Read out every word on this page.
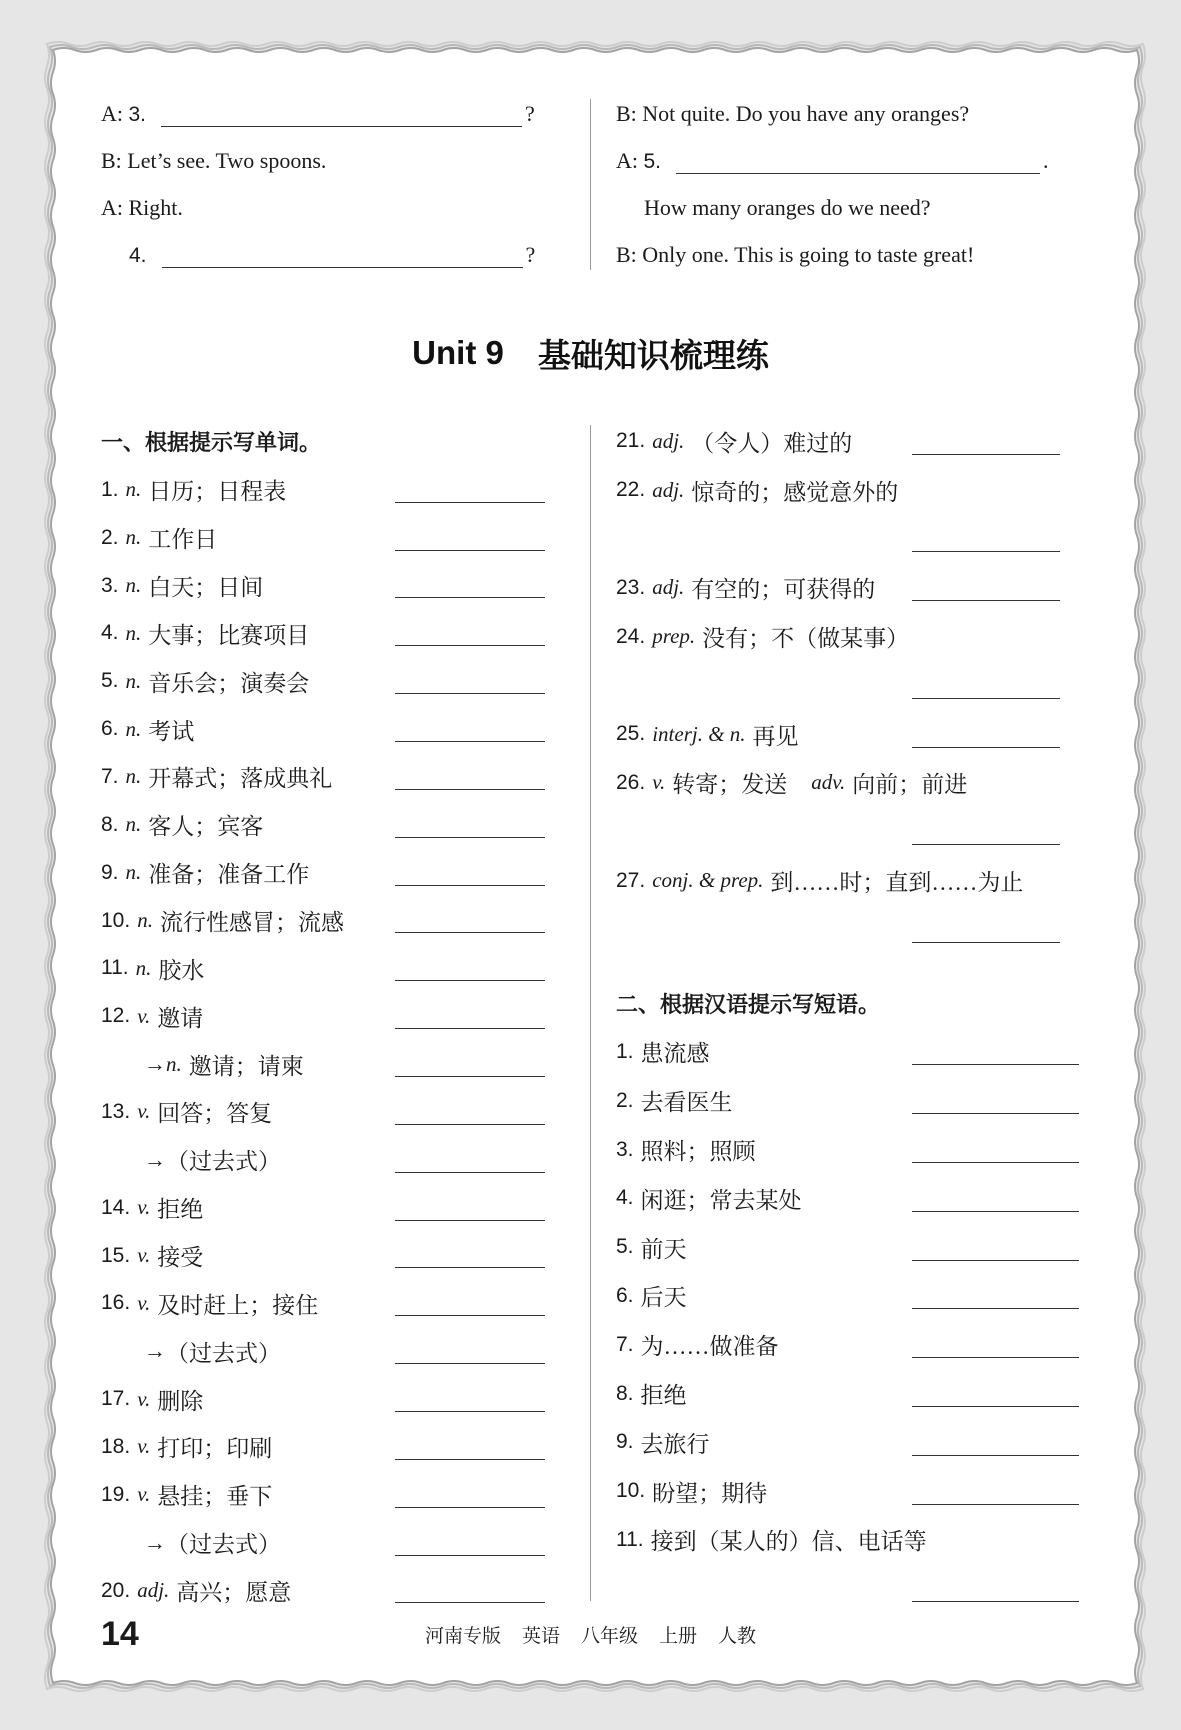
A: 3.	?
B: Let’s see. Two spoons.
A: Right.
4.	?
B: Not quite. Do you have any oranges?
A: 5.	.
How many oranges do we need?
B: Only one. This is going to taste great!
Unit 9 基础知识梳理练
一、根据提示写单词。
1. n. 日历；日程表
2. n. 工作日
3. n. 白天；日间
4. n. 大事；比赛项目
5. n. 音乐会；演奏会
6. n. 考试
7. n. 开幕式；落成典礼
8. n. 客人；宾客
9. n. 准备；准备工作
10. n. 流行性感冒；流感
11. n. 胶水
12. v. 邀请
→ n. 邀请；请柬
13. v. 回答；答复
→ （过去式）
14. v. 拒绝
15. v. 接受
16. v. 及时赶上；接住
→ （过去式）
17. v. 删除
18. v. 打印；印刷
19. v. 悬挂；垂下
→ （过去式）
20. adj. 高兴；愿意
21. adj. （令人）难过的
22. adj. 惊奇的；感觉意外的
23. adj. 有空的；可获得的
24. prep. 没有；不（做某事）
25. interj. & n. 再见
26. v. 转寄；发送 adv. 向前；前进
27. conj. & prep. 到……时；直到……为止
二、根据汉语提示写短语。
1. 患流感
2. 去看医生
3. 照料；照顾
4. 闲逛；常去某处
5. 前天
6. 后天
7. 为……做准备
8. 拒绝
9. 去旅行
10. 盼望；期待
11. 接到（某人的）信、电话等
14	河南专版 英语 八年级 上册 人教
